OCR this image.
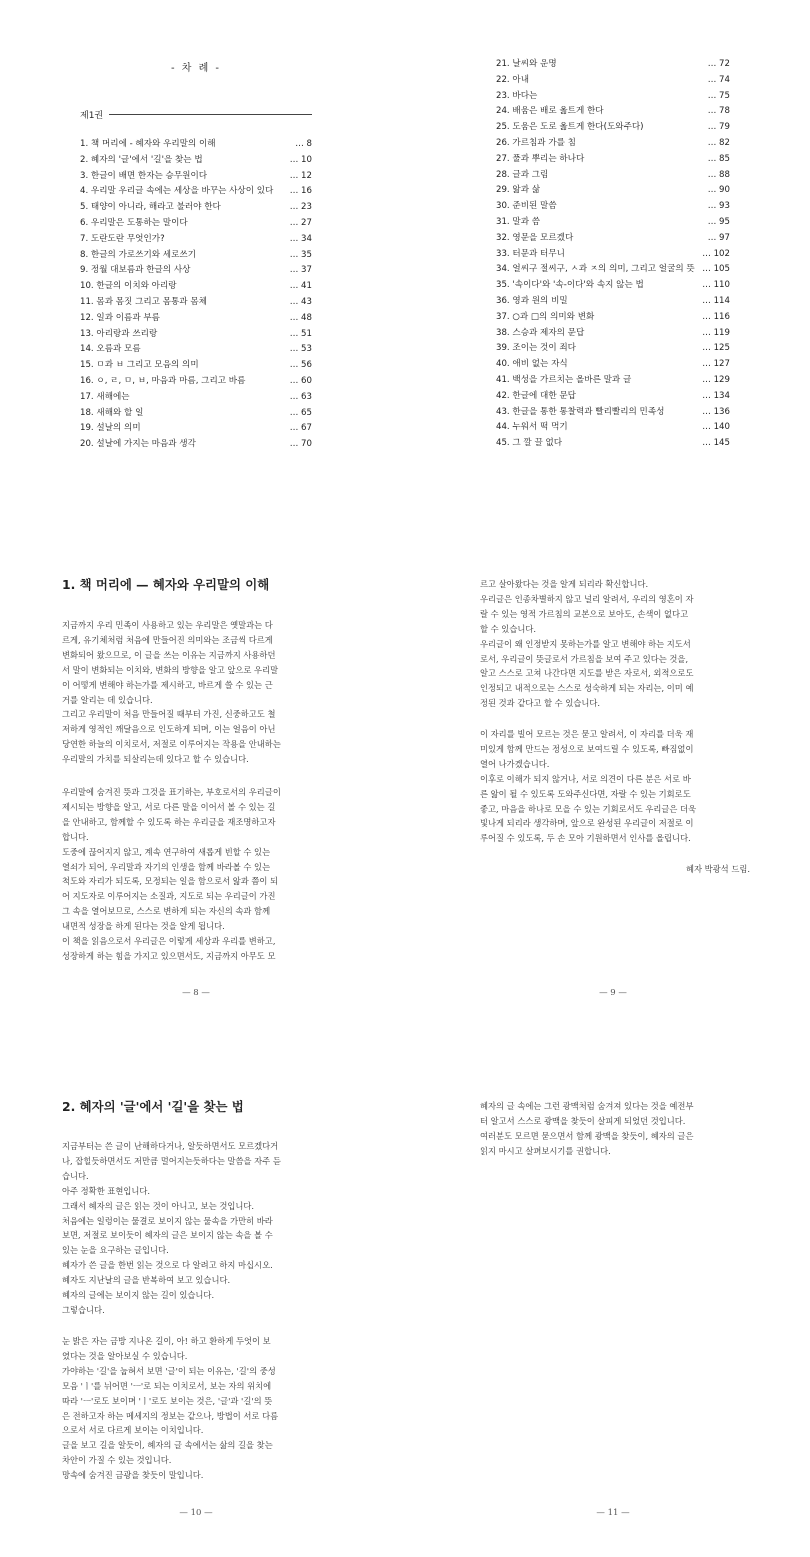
- 차 례 -
제1권
1. 책 머리에 - 혜자와 우리말의 이해	… 8
2. 혜자의 '글'에서 '길'을 찾는 법	… 10
3. 한글이 배면 한자는 승무원이다	… 12
4. 우리말 우리글 속에는 세상을 바꾸는 사상이 있다	… 16
5. 태양이 아니라, 해라고 불러야 한다	… 23
6. 우리말은 도통하는 말이다	… 27
7. 도란도란 무엇인가?	… 34
8. 한글의 가로쓰기와 세로쓰기	… 35
9. 정월 대보름과 한글의 사상	… 37
10. 한글의 이치와 아리랑	… 41
11. 몸과 몸짓 그리고 몸통과 몸체	… 43
12. 일과 이름과 부름	… 48
13. 아리랑과 쓰리랑	… 51
14. 오름과 모름	… 53
15. ㅁ과 ㅂ 그리고 모음의 의미	… 56
16. ㅇ, ㄹ, ㅁ, ㅂ, 마음과 마름, 그리고 바름	… 60
17. 새해에는	… 63
18. 새해와 할 일	… 65
19. 설날의 의미	… 67
20. 설날에 가지는 마음과 생각	… 70
21. 날씨와 운명	… 72
22. 아내	… 74
23. 바다는	… 75
24. 배움은 배로 옮트게 한다	… 78
25. 도움은 도로 옮트게 한다(도와주다)	… 79
26. 가르침과 가를 침	… 82
27. 풀과 뿌리는 하나다	… 85
28. 글과 그림	… 88
29. 앎과 삶	… 90
30. 준비된 말씀	… 93
31. 말과 씀	… 95
32. 영문을 모르겠다	… 97
33. 터문과 터무니	… 102
34. 얼씨구 절씨구, ㅅ과 ㅈ의 의미, 그리고 얼굴의 뜻 … 105
35. '속이다'와 '속-이다'와 속지 않는 법	… 110
36. 영과 원의 비밀	… 114
37. ○과 □의 의미와 변화	… 116
38. 스승과 제자의 문답	… 119
39. 조이는 것이 죄다	… 125
40. 애비 없는 자식	… 127
41. 백성을 가르치는 올바른 말과 글	… 129
42. 한글에 대한 문답	… 134
43. 한글을 통한 통찰력과 빨리빨리의 민족성	… 136
44. 누워서 떡 먹기	… 140
45. 그 깔 끌 없다	… 145
1. 책 머리에 — 혜자와 우리말의 이해

지금까지 우리 민족이 사용하고 있는 우리말은 옛말과는 다
르게, 유기체처럼 처음에 만들어진 의미와는 조금씩 다르게
변화되어 왔으므로, 이 글을 쓰는 이유는 지금까지 사용하던
서 말이 변화되는 이치와, 변화의 방향을 알고 앞으로 우리말
이 어떻게 변해야 하는가를 제시하고, 바르게 쓸 수 있는 근
거를 알리는 데 있습니다.
그리고 우리말이 처음 만들어질 때부터 가진, 신중하고도 철
저하게 영적인 깨달음으로 인도하게 되며, 이는 얼음이 아닌
당연한 하늘의 이치로서, 저절로 이루어지는 작용을 안내하는
우리말의 가치를 되살리는데 있다고 할 수 있습니다.

우리말에 숨겨진 뜻과 그것을 표기하는, 부호로서의 우리글이
제시되는 방향을 알고, 서로 다른 말을 이어서 볼 수 있는 길
을 안내하고, 함께할 수 있도록 하는 우리글을 재조명하고자
합니다.
도중에 끊어지지 않고, 계속 연구하여 새롭게 빈할 수 있는
열쇠가 되어, 우리말과 자기의 인생을 함께 바라볼 수 있는
척도와 자리가 되도록, 모정되는 일을 함으로서 앎과 쯤이 되
어 지도자로 이루어지는 소질과, 지도로 되는 우리글이 가진
그 속을 열어보므로, 스스로 변하게 되는 자신의 속과 함께
내면적 성장을 하게 된다는 것을 알게 됩니다.
이 책을 읽음으로서 우리글은 이렇게 세상과 우리를 변하고,
성장하게 하는 힘을 가지고 있으면서도, 지금까지 아무도 모

— 8 —

르고 살아왔다는 것을 알게 되리라 확신합니다.
우리글은 인종차별하지 않고 널리 알려서, 우리의 영혼이 자
랄 수 있는 영적 가르침의 교본으로 보아도, 손색이 없다고
할 수 있습니다.
우리글이 왜 인정받지 못하는가를 알고 변해야 하는 지도서
로서, 우리글이 뜻글로서 가르침을 보여 주고 있다는 것을,
알고 스스로 고쳐 나간다면 지도를 받은 자로서, 외적으로도
인정되고 내적으로는 스스로 성숙하게 되는 자리는, 이미 예
정된 것과 같다고 할 수 있습니다.

이 자리를 빌어 모르는 것은 묻고 알려서, 이 자리를 더욱 재
미있게 함께 만드는 정성으로 보여드릴 수 있도록, 빠짐없이
열어 나가겠습니다.
이후로 이해가 되지 않거나, 서로 의견이 다른 분은 서로 바
른 앎이 될 수 있도록 도와주신다면, 자랄 수 있는 기회로도
좋고, 마음을 하나로 모을 수 있는 기회로서도 우리글은 더욱
빛나게 되리라 생각하며, 앞으로 완성된 우리글이 저절로 이
루어질 수 있도록, 두 손 모아 기원하면서 인사를 올립니다.

혜자 박광석 드림.
— 9 —
2. 혜자의 '글'에서 '길'을 찾는 법

지금부터는 쓴 글이 난해하다거나, 알듯하면서도 모르겠다거
나, 잡힐듯하면서도 저만큼 멀어지는듯하다는 말씀을 자주 듣
습니다.
아주 정확한 표현입니다.
그래서 혜자의 글은 읽는 것이 아니고, 보는 것입니다.
처음에는 일렁이는 물결로 보이지 않는 물속을 가만히 바라
보면, 저절로 보이듯이 혜자의 글은 보이지 않는 속을 볼 수
있는 눈을 요구하는 글입니다.
혜자가 쓴 글을 한번 읽는 것으로 다 알려고 하지 마십시오.
혜자도 지난날의 글을 반복하여 보고 있습니다.
혜자의 글에는 보이지 않는 길이 있습니다.
그렇습니다.

눈 밝은 자는 금방 지나온 길이, 아! 하고 환하게 두엇이 보
였다는 것을 알아보실 수 있습니다.
가야하는 '길'을 눕혀서 보면 '글'이 되는 이유는, '길'의 중성
모음 'ㅣ'를 뉘어면 'ㅡ'로 되는 이치로서, 보는 자의 위치에
따라 'ㅡ'로도 보이며 'ㅣ'로도 보이는 것은, '글'과 '길'의 뜻
은 전하고자 하는 메세지의 정보는 같으나, 방법이 서로 다름
으로서 서로 다르게 보이는 이치입니다.
글을 보고 길을 알듯이, 혜자의 글 속에서는 삶의 길을 찾는
차안이 가질 수 있는 것입니다.
망속에 숨겨진 금광을 찾듯이 말입니다.

— 10 —

혜자의 글 속에는 그런 광맥처럼 숨겨져 있다는 것을 예전부
터 알고서 스스로 광맥을 찾듯이 살피게 되었던 것입니다.
여러분도 모르면 묻으면서 함께 광맥을 찾듯이, 혜자의 글은
읽지 마시고 살펴보시기를 권합니다.

— 11 —
